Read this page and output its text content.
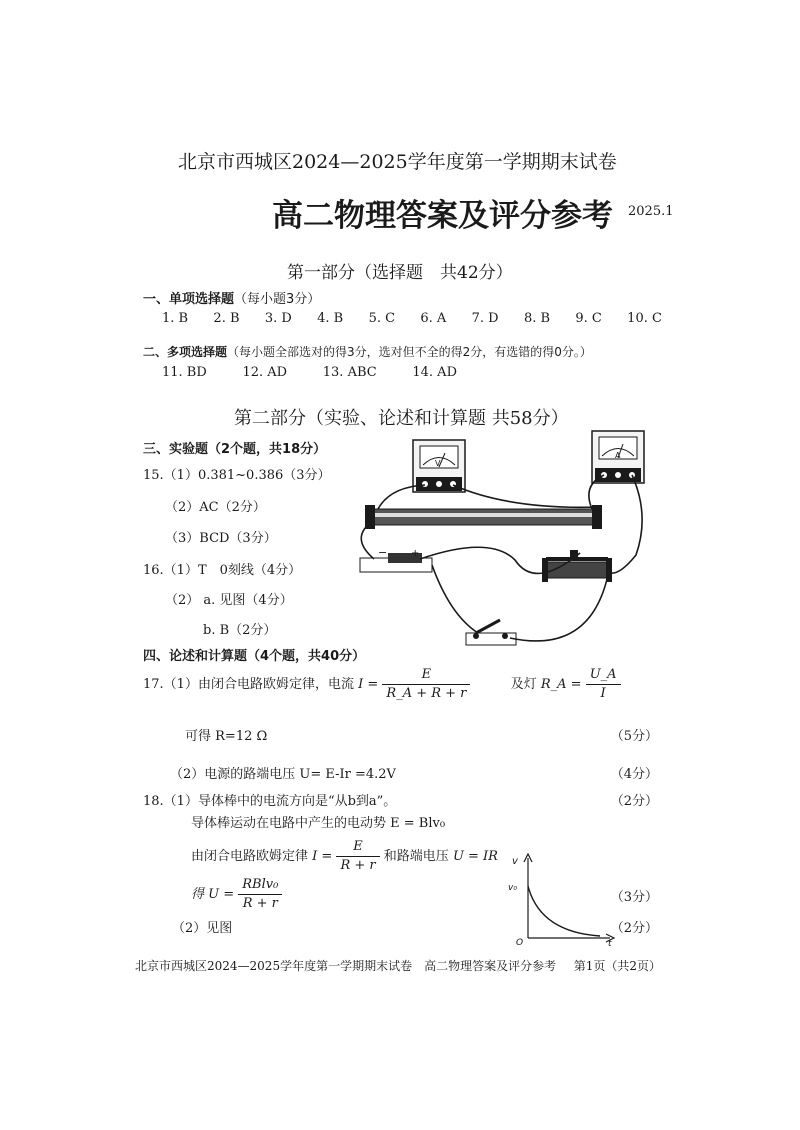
北京市西城区2024—2025学年度第一学期期末试卷
高二物理答案及评分参考 2025.1
第一部分（选择题　共42分）
一、单项选择题（每小题3分）
1. B 2. B 3. D 4. B 5. C 6. A 7. D 8. B 9. C 10. C
二、多项选择题（每小题全部选对的得3分，选对但不全的得2分，有选错的得0分。）
11. BD	12. AD	13. ABC	14. AD
第二部分（实验、论述和计算题 共58分）
三、实验题（2个题，共18分）
15.（1）0.381~0.386（3分）
（2）AC（2分）
（3）BCD（3分）
16.（1）T　0刻线（4分）
（2） a. 见图（4分）
b. B（2分）
V
A
− +
四、论述和计算题（4个题，共40分）
17.（1）由闭合电路欧姆定律，电流 $I = \frac{E}{R\_A + R + r}$	及灯 R_A = $\frac{U\_A}{I}$
可得 R=12 Ω	（5分）
（2）电源的路端电压 U= E-Ir =4.2V	（4分）
18.（1）导体棒中的电流方向是“从b到a”。	（2分）
导体棒运动在电路中产生的电动势 E = Blv₀
由闭合电路欧姆定律 $I = \frac{E}{R + r}$ 和路端电压 U = IR
得 $U = \frac{\text{RBlv₀}}{R + r}$	（3分）
（2）见图	（2分）
v
v₀
O	t
北京市西城区2024—2025学年度第一学期期末试卷　高二物理答案及评分参考 第1页（共2页）
